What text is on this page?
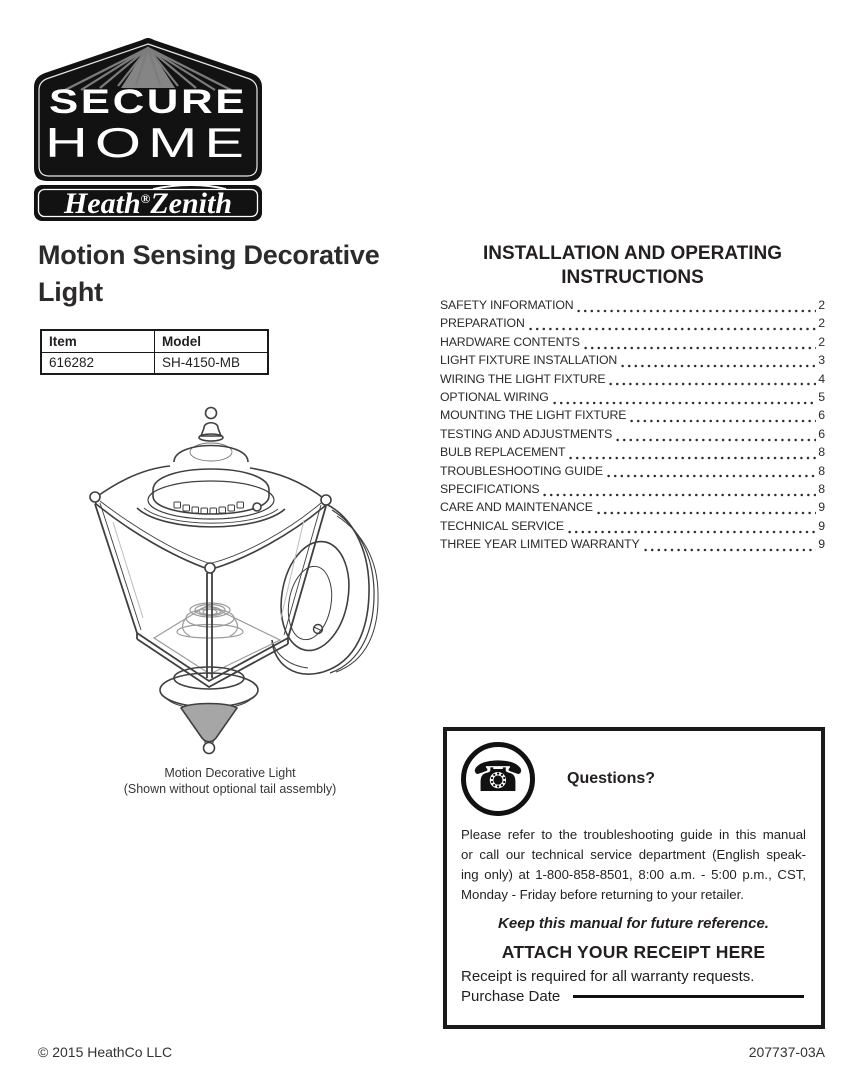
SECURE
HOME
Heath®Zenith
Motion Sensing Decorative Light
Item	Model
616282	SH-4150-MB
Motion Decorative Light
(Shown without optional tail assembly)
INSTALLATION AND OPERATING
INSTRUCTIONS
SAFETY INFORMATION	2
PREPARATION	2
HARDWARE CONTENTS	2
LIGHT FIXTURE INSTALLATION	3
WIRING THE LIGHT FIXTURE	4
OPTIONAL WIRING	5
MOUNTING THE LIGHT FIXTURE	6
TESTING AND ADJUSTMENTS	6
BULB REPLACEMENT	8
TROUBLESHOOTING GUIDE	8
SPECIFICATIONS	8
CARE AND MAINTENANCE	9
TECHNICAL SERVICE	9
THREE YEAR LIMITED WARRANTY	9
☎	Questions?
Please refer to the troubleshooting guide in this manual
or call our technical service department (English speak-
ing only) at 1-800-858-8501, 8:00 a.m. - 5:00 p.m., CST,
Monday - Friday before returning to your retailer.
Keep this manual for future reference.
ATTACH YOUR RECEIPT HERE
Receipt is required for all warranty requests.
Purchase Date
© 2015 HeathCo LLC	207737-03A
